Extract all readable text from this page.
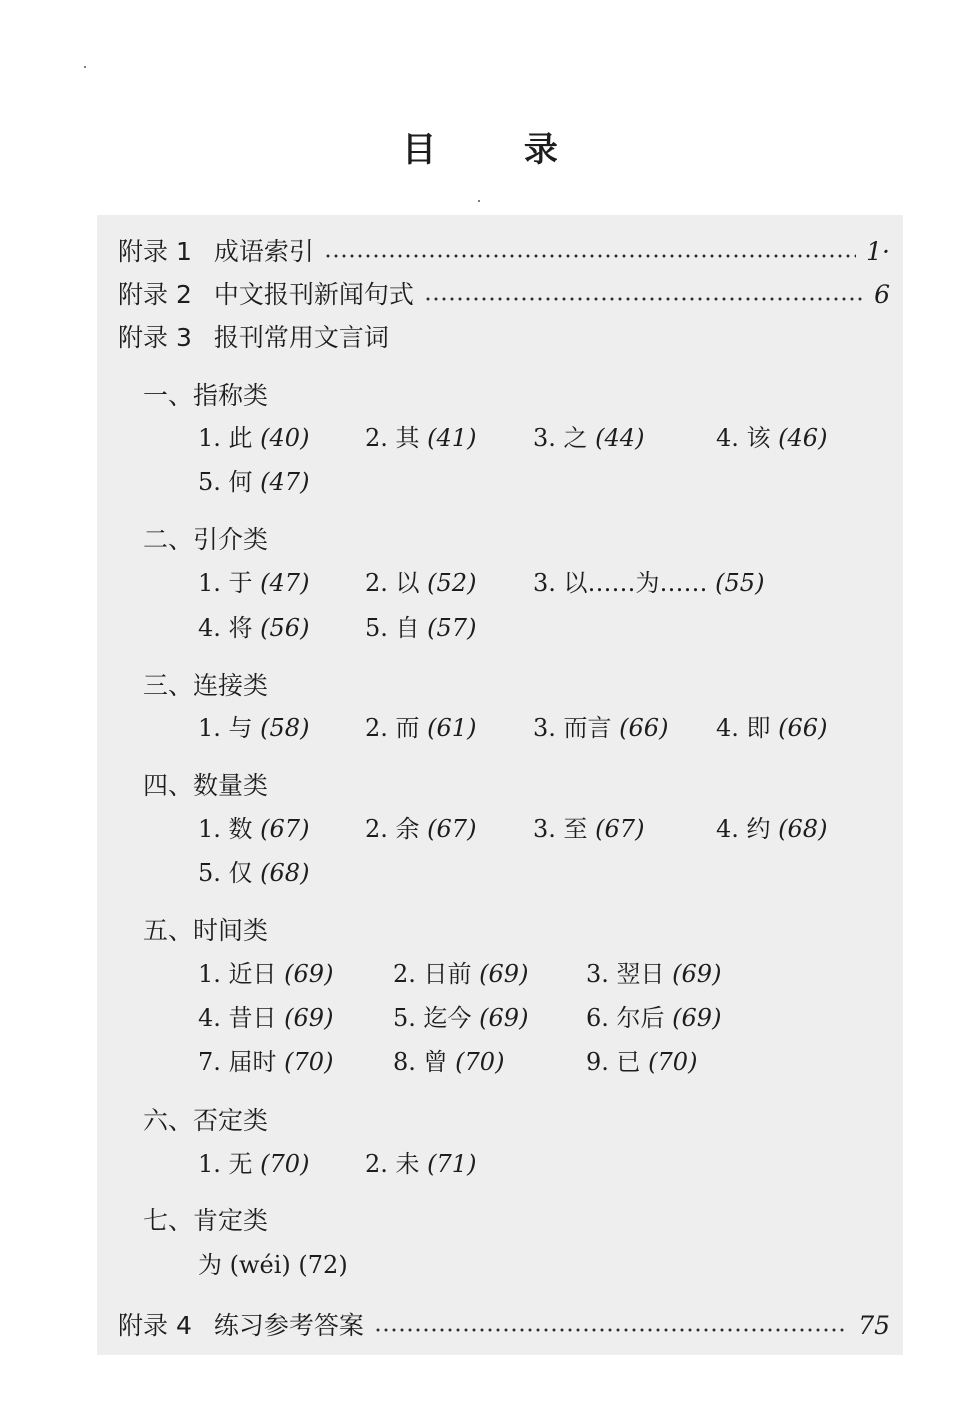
目 录
附录 1 成语索引	1·
附录 2 中文报刊新闻句式	6
附录 3 报刊常用文言词
一、指称类
1. 此 (40) 2. 其 (41) 3. 之 (44)	4. 该 (46)
5. 何 (47)
二、引介类
1. 于 (47) 2. 以 (52) 3. 以……为…… (55)
4. 将 (56) 5. 自 (57)
三、连接类
1. 与 (58) 2. 而 (61) 3. 而言 (66) 4. 即 (66)
四、数量类
1. 数 (67) 2. 余 (67) 3. 至 (67)	4. 约 (68)
5. 仅 (68)
五、时间类
1. 近日 (69) 2. 日前 (69) 3. 翌日 (69)
4. 昔日 (69) 5. 迄今 (69) 6. 尔后 (69)
7. 届时 (70) 8. 曾 (70)	9. 已 (70)
六、否定类
1. 无 (70) 2. 未 (71)
七、肯定类
为 (wéi) (72)
附录 4 练习参考答案	75
